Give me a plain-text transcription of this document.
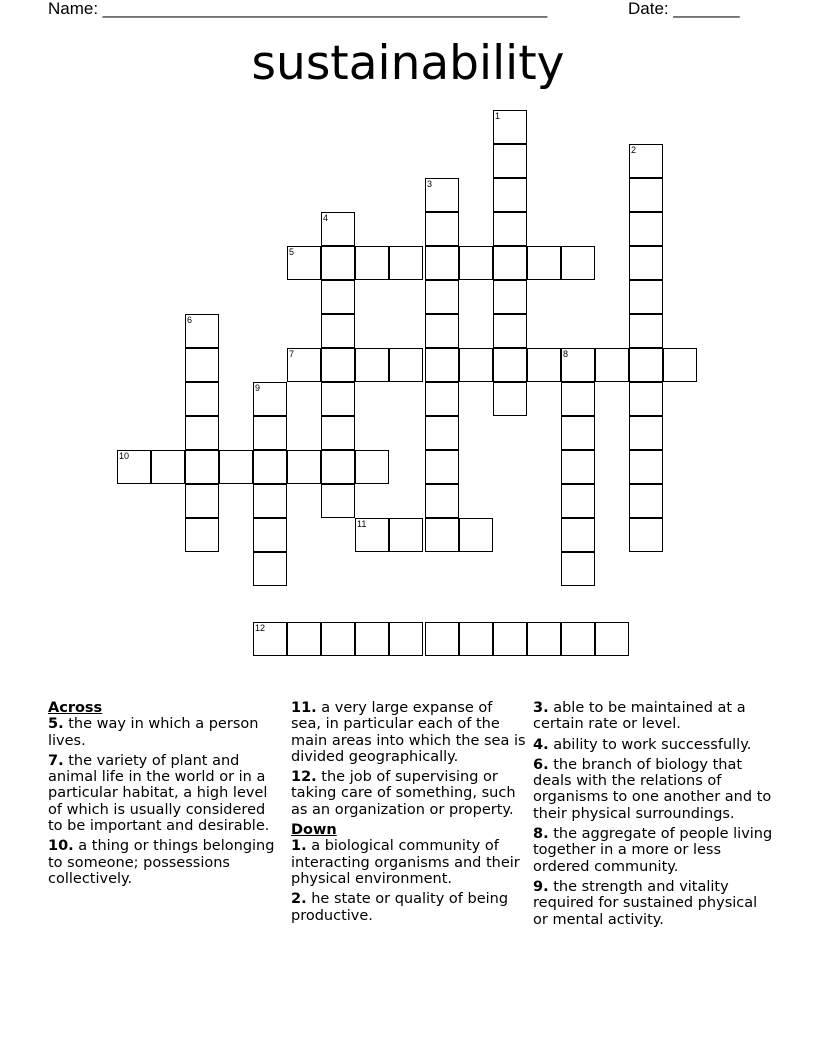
Name: _______________________________________________	Date: _______
sustainability
1
2
3
4
5
6
7	8
9
10
11
12
Across
5. the way in which a person lives.
7. the variety of plant and animal life in the world or in a particular habitat, a high level of which is usually considered to be important and desirable.
10. a thing or things belonging to someone; possessions collectively.
11. a very large expanse of sea, in particular each of the main areas into which the sea is divided geographically.
12. the job of supervising or taking care of something, such as an organization or property.
Down
1. a biological community of interacting organisms and their physical environment.
2. he state or quality of being productive.
3. able to be maintained at a certain rate or level.
4. ability to work successfully.
6. the branch of biology that deals with the relations of organisms to one another and to their physical surroundings.
8. the aggregate of people living together in a more or less ordered community.
9. the strength and vitality required for sustained physical or mental activity.
